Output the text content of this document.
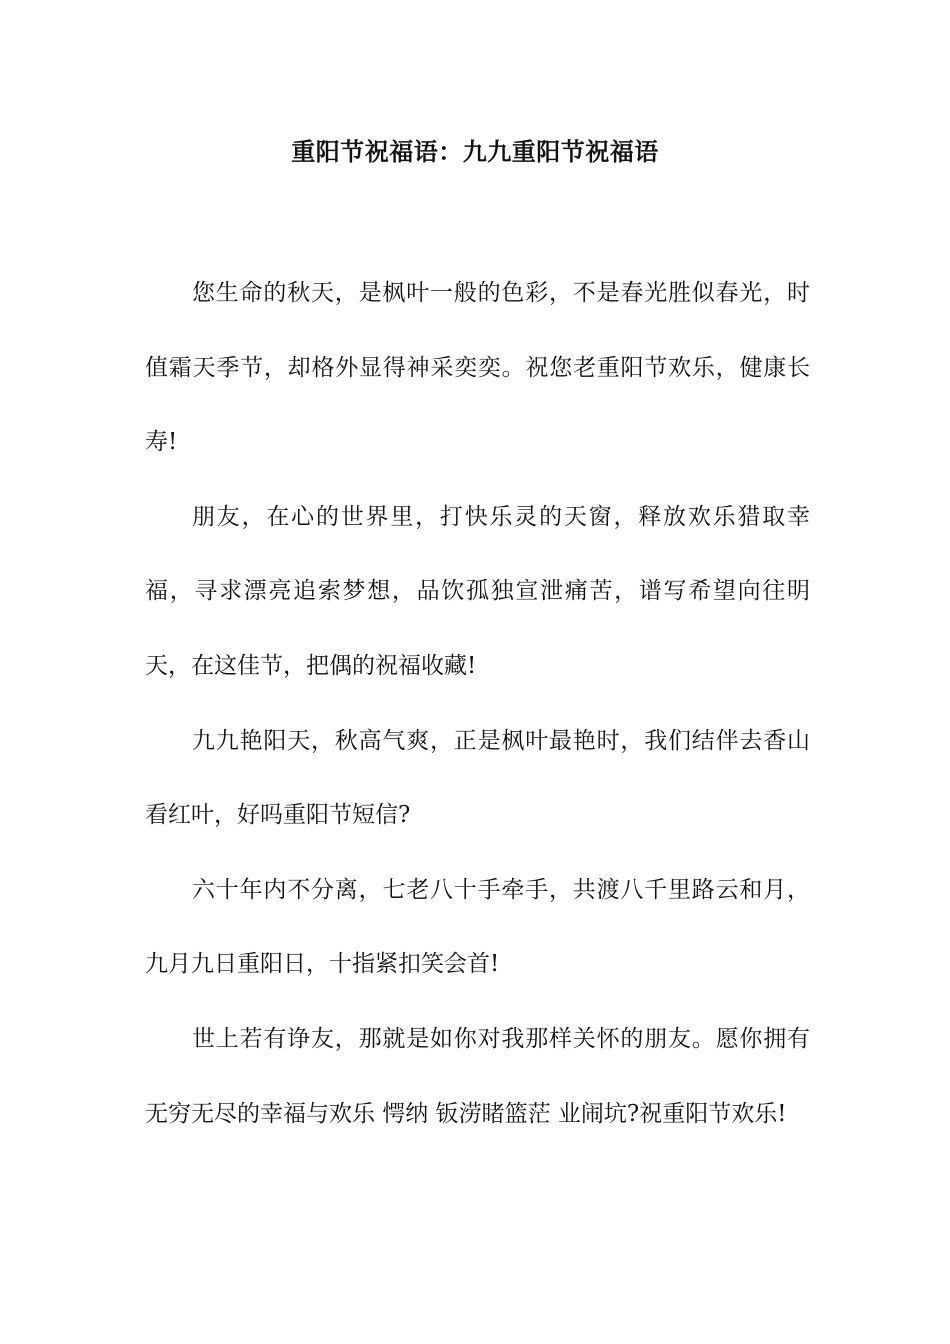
重阳节祝福语：九九重阳节祝福语

您生命的秋天，是枫叶一般的色彩，不是春光胜似春光，时值霜天季节，却格外显得神采奕奕。祝您老重阳节欢乐，健康长寿!

朋友，在心的世界里，打快乐灵的天窗，释放欢乐猎取幸福，寻求漂亮追索梦想，品饮孤独宣泄痛苦，谱写希望向往明天，在这佳节，把偶的祝福收藏!

九九艳阳天，秋高气爽，正是枫叶最艳时，我们结伴去香山看红叶，好吗重阳节短信?

六十年内不分离，七老八十手牵手，共渡八千里路云和月，九月九日重阳日，十指紧扣笑会首!

世上若有诤友，那就是如你对我那样关怀的朋友。愿你拥有无穷无尽的幸福与欢乐 愕纳 钣涝睹篮茫 业闹坑?祝重阳节欢乐!
